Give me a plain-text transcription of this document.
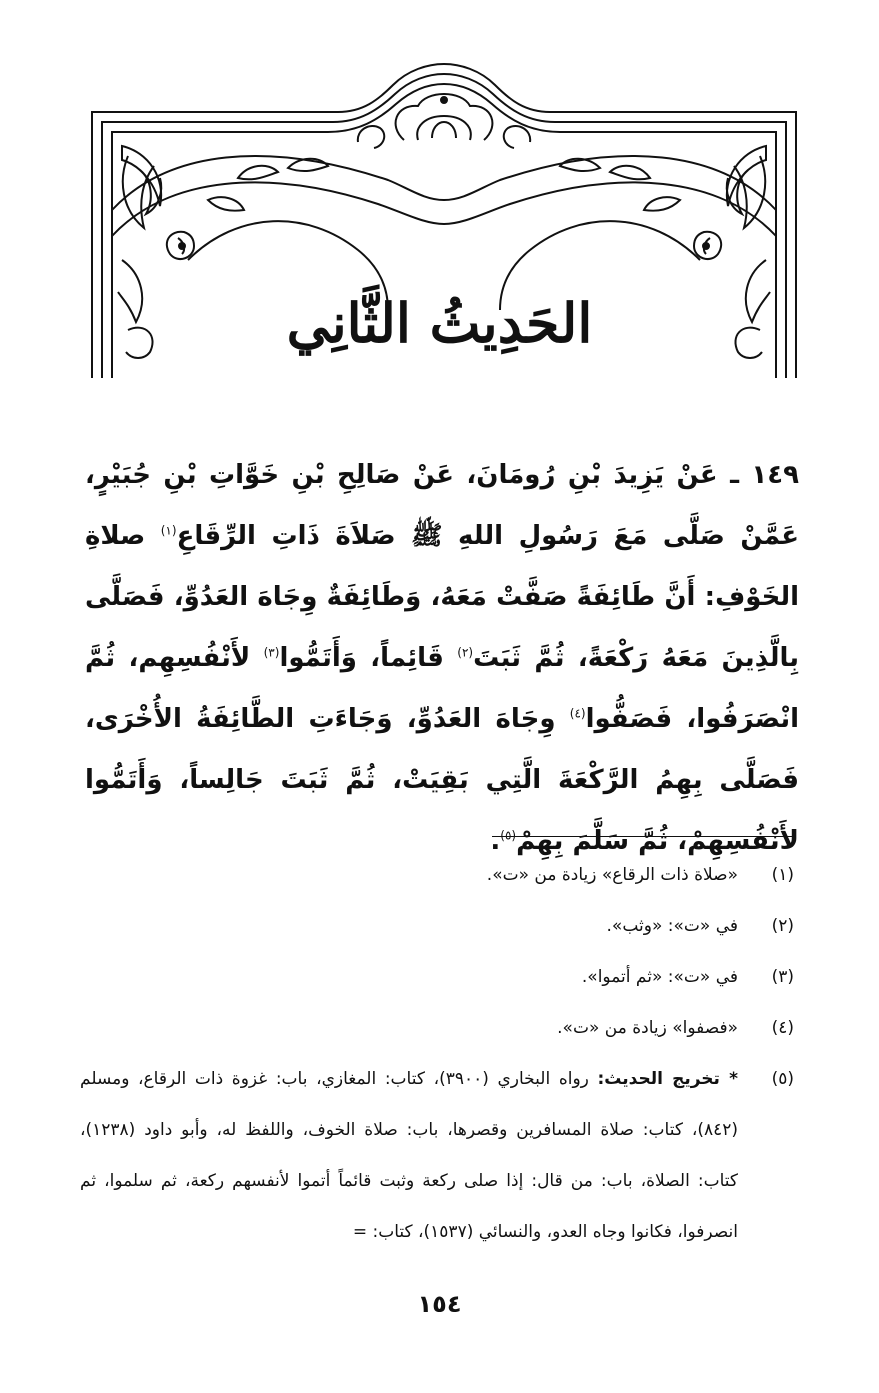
الحَدِيثُ الثَّانِي
١٤٩ ـ عَنْ يَزِيدَ بْنِ رُومَانَ، عَنْ صَالِحِ بْنِ خَوَّاتِ بْنِ جُبَيْرٍ، عَمَّنْ صَلَّى مَعَ رَسُولِ اللهِ ﷺ صَلاَةَ ذَاتِ الرِّقَاعِ$^{(١)}$ صلاةِ الخَوْفِ: أَنَّ طَائِفَةً صَفَّتْ مَعَهُ، وَطَائِفَةٌ وِجَاهَ العَدُوِّ، فَصَلَّى بِالَّذِينَ مَعَهُ رَكْعَةً، ثُمَّ ثَبَتَ$^{(٢)}$ قَائِماً، وَأَتَمُّوا$^{(٣)}$ لأَنْفُسِهِم، ثُمَّ انْصَرَفُوا، فَصَفُّوا$^{(٤)}$ وِجَاهَ العَدُوِّ، وَجَاءَتِ الطَّائِفَةُ الأُخْرَى، فَصَلَّى بِهِمُ الرَّكْعَةَ الَّتِي بَقِيَتْ، ثُمَّ ثَبَتَ جَالِساً، وَأَتَمُّوا لأَنْفُسِهِمْ، ثُمَّ سَلَّمَ بِهِمْ$^{(٥)}$.
(١)
«صلاة ذات الرقاع» زيادة من «ت».
(٢)
في «ت»: «وثب».
(٣)
في «ت»: «ثم أتموا».
(٤)
«فصفوا» زيادة من «ت».
(٥)
* تخريج الحديث: رواه البخاري (٣٩٠٠)، كتاب: المغازي، باب: غزوة ذات الرقاع، ومسلم (٨٤٢)، كتاب: صلاة المسافرين وقصرها، باب: صلاة الخوف، واللفظ له، وأبو داود (١٢٣٨)، كتاب: الصلاة، باب: من قال: إذا صلى ركعة وثبت قائماً أتموا لأنفسهم ركعة، ثم سلموا، ثم انصرفوا، فكانوا وجاه العدو، والنسائي (١٥٣٧)، كتاب: =
١٥٤
